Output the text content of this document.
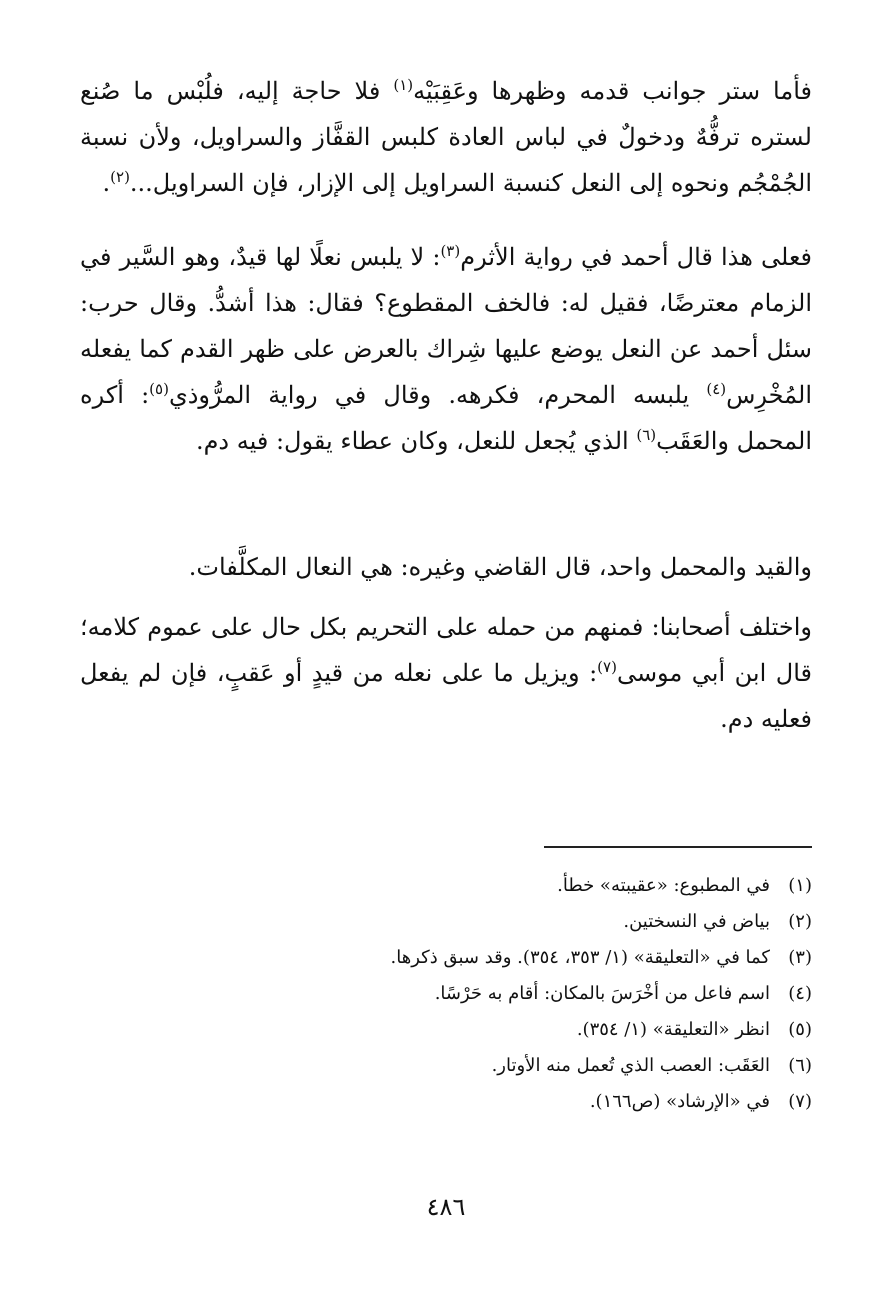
فأما ستر جوانب قدمه وظهرها وعَقِبَيْه$^{(١)}$ فلا حاجة إليه، فلُبْس ما صُنع لستره ترفُّهٌ ودخولٌ في لباس العادة كلبس القفَّاز والسراويل، ولأن نسبة الجُمْجُم ونحوه إلى النعل كنسبة السراويل إلى الإزار، فإن السراويل...$^{(٢)}$.

فعلى هذا قال أحمد في رواية الأثرم$^{(٣)}$: لا يلبس نعلًا لها قيدٌ، وهو السَّير في الزمام معترضًا، فقيل له: فالخف المقطوع؟ فقال: هذا أشدُّ. وقال حرب: سئل أحمد عن النعل يوضع عليها شِراك بالعرض على ظهر القدم كما يفعله المُخْرِس$^{(٤)}$ يلبسه المحرم، فكرهه. وقال في رواية المرُّوذي$^{(٥)}$: أكره المحمل والعَقَب$^{(٦)}$ الذي يُجعل للنعل، وكان عطاء يقول: فيه دم.

والقيد والمحمل واحد، قال القاضي وغيره: هي النعال المكلَّفات.

واختلف أصحابنا: فمنهم من حمله على التحريم بكل حال على عموم كلامه؛ قال ابن أبي موسى$^{(٧)}$: ويزيل ما على نعله من قيدٍ أو عَقبٍ، فإن لم يفعل فعليه دم.

(١)في المطبوع: «عقيبته» خطأ.
(٢)بياض في النسختين.
(٣)كما في «التعليقة» (١/ ٣٥٣، ٣٥٤). وقد سبق ذكرها.
(٤)اسم فاعل من أخْرَسَ بالمكان: أقام به حَرْسًا.
(٥)انظر «التعليقة» (١/ ٣٥٤).
(٦)العَقَب: العصب الذي تُعمل منه الأوتار.
(٧)في «الإرشاد» (ص١٦٦).
٤٨٦
